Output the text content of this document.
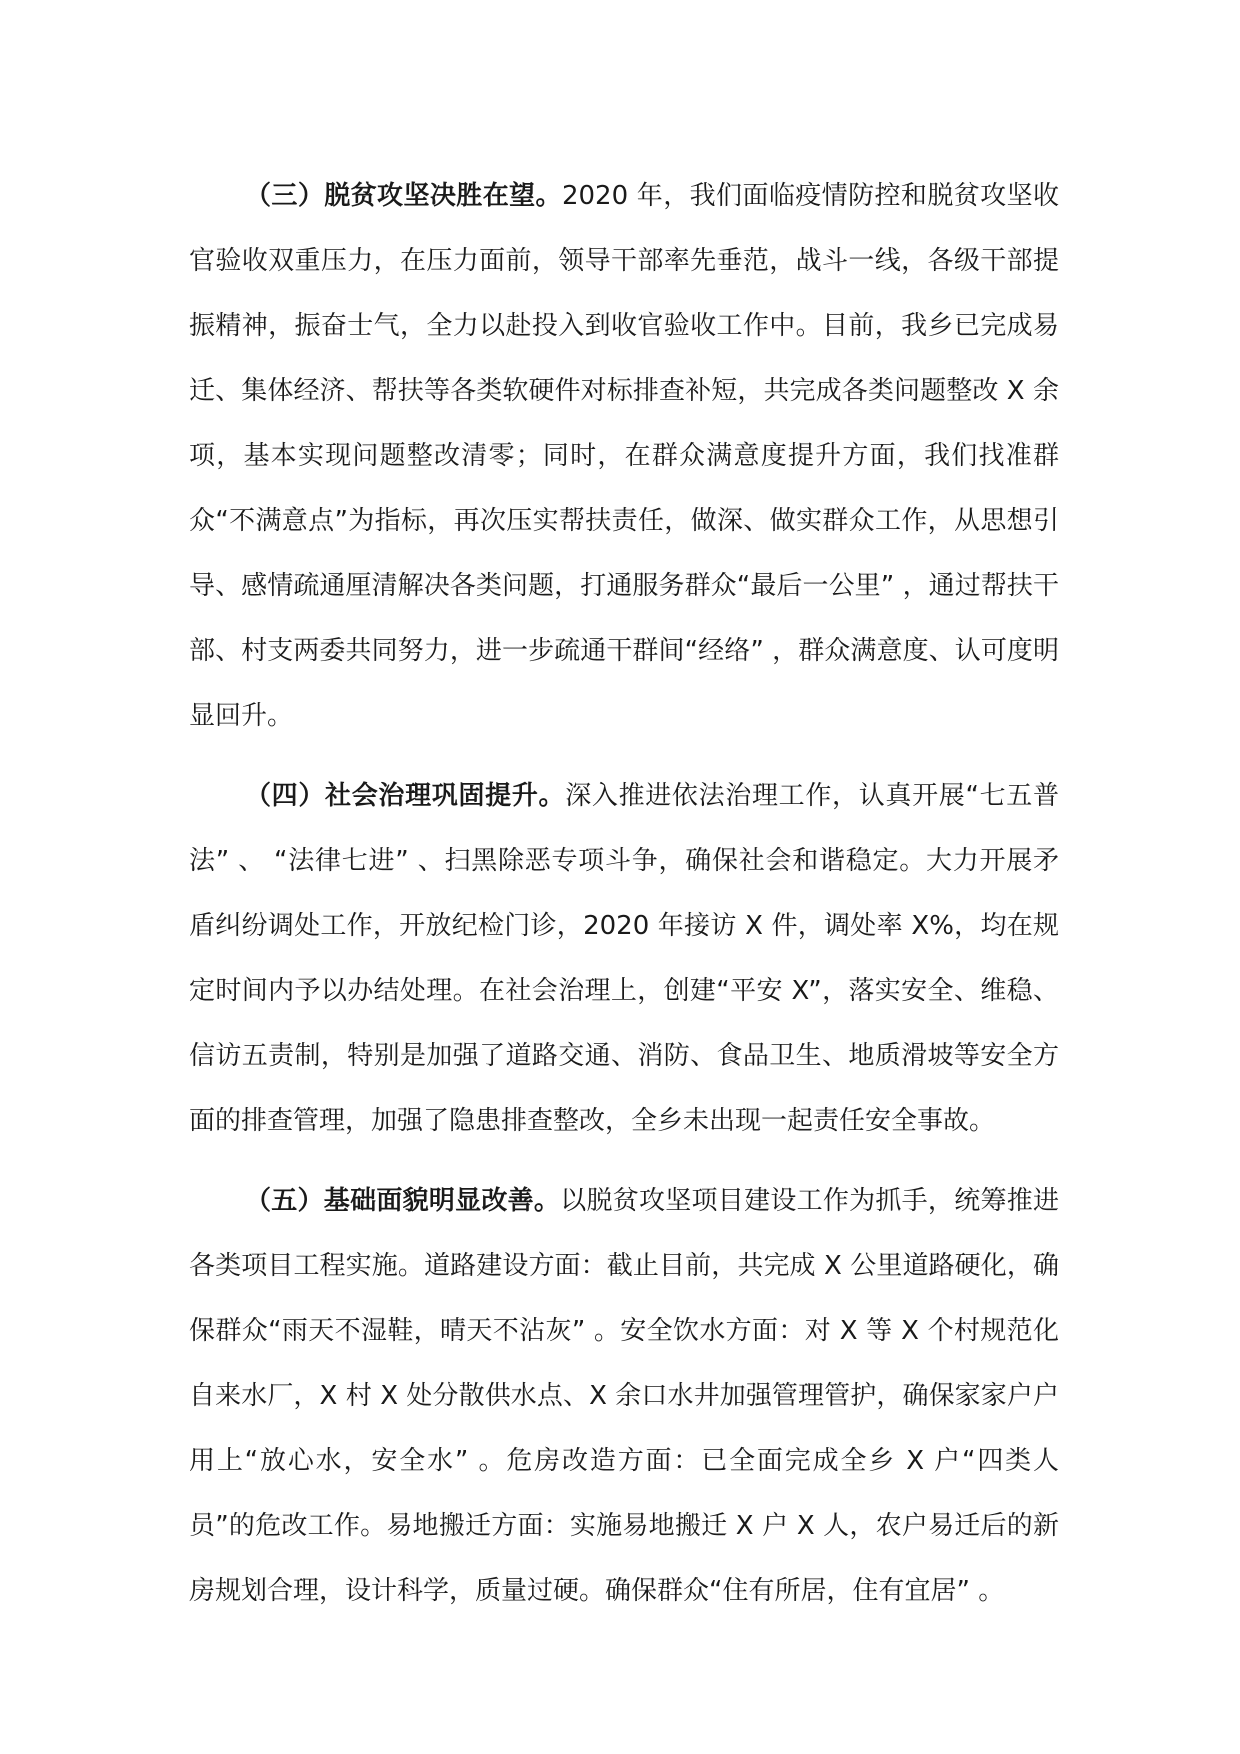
（三）脱贫攻坚决胜在望。2020 年，我们面临疫情防控和脱贫攻坚收官验收双重压力，在压力面前，领导干部率先垂范，战斗一线，各级干部提振精神，振奋士气，全力以赴投入到收官验收工作中。目前，我乡已完成易迁、集体经济、帮扶等各类软硬件对标排查补短，共完成各类问题整改 X 余项，基本实现问题整改清零；同时，在群众满意度提升方面，我们找准群众“不满意点”为指标，再次压实帮扶责任，做深、做实群众工作，从思想引导、感情疏通厘清解决各类问题，打通服务群众“最后一公里” ，通过帮扶干部、村支两委共同努力，进一步疏通干群间“经络” ，群众满意度、认可度明显回升。

（四）社会治理巩固提升。深入推进依法治理工作，认真开展“七五普法” 、 “法律七进” 、扫黑除恶专项斗争，确保社会和谐稳定。大力开展矛盾纠纷调处工作，开放纪检门诊，2020 年接访 X 件，调处率 X%，均在规定时间内予以办结处理。在社会治理上，创建“平安 X”，落实安全、维稳、信访五责制，特别是加强了道路交通、消防、食品卫生、地质滑坡等安全方面的排查管理，加强了隐患排查整改，全乡未出现一起责任安全事故。

（五）基础面貌明显改善。以脱贫攻坚项目建设工作为抓手，统筹推进各类项目工程实施。道路建设方面：截止目前，共完成 X 公里道路硬化，确保群众“雨天不湿鞋，晴天不沾灰” 。安全饮水方面：对 X 等 X 个村规范化自来水厂，X 村 X 处分散供水点、X 余口水井加强管理管护，确保家家户户用上“放心水，安全水” 。危房改造方面：已全面完成全乡 X 户“四类人员”的危改工作。易地搬迁方面：实施易地搬迁 X 户 X 人，农户易迁后的新房规划合理，设计科学，质量过硬。确保群众“住有所居，住有宜居” 。
